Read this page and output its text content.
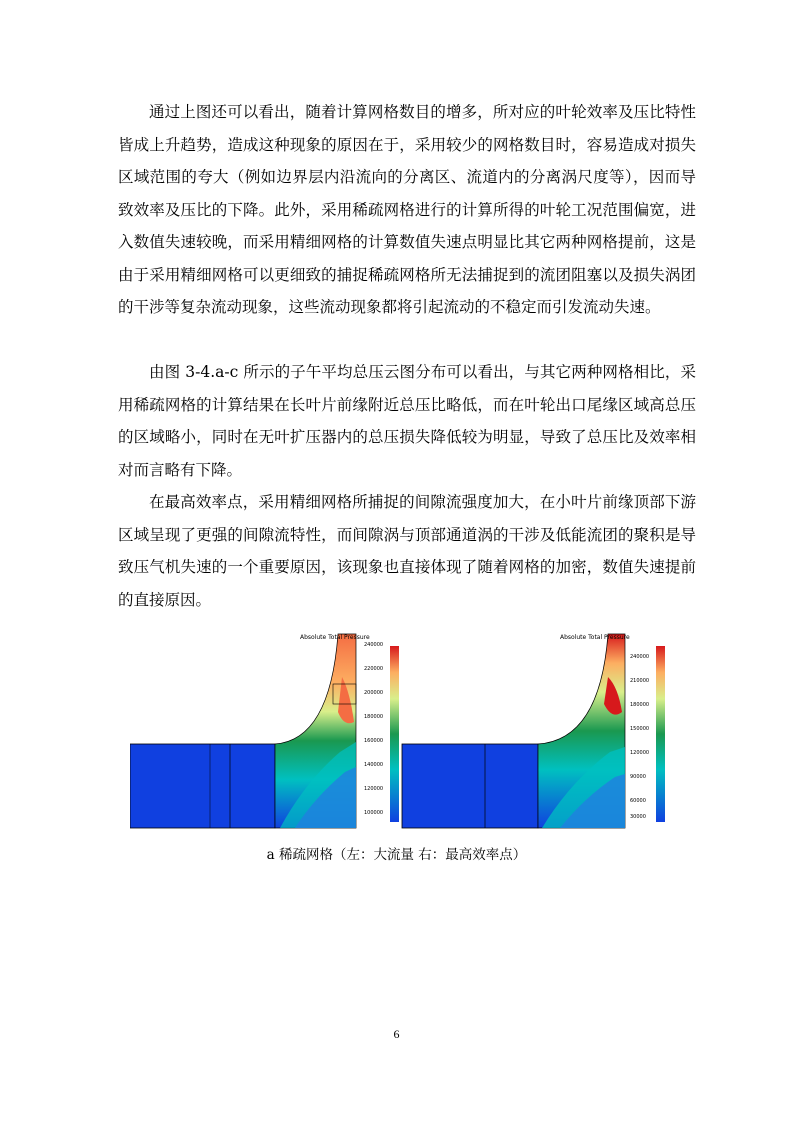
通过上图还可以看出，随着计算网格数目的增多，所对应的叶轮效率及压比特性皆成上升趋势，造成这种现象的原因在于，采用较少的网格数目时，容易造成对损失区域范围的夸大（例如边界层内沿流向的分离区、流道内的分离涡尺度等），因而导致效率及压比的下降。此外，采用稀疏网格进行的计算所得的叶轮工况范围偏宽，进入数值失速较晚，而采用精细网格的计算数值失速点明显比其它两种网格提前，这是由于采用精细网格可以更细致的捕捉稀疏网格所无法捕捉到的流团阻塞以及损失涡团的干涉等复杂流动现象，这些流动现象都将引起流动的不稳定而引发流动失速。

由图 3-4.a-c 所示的子午平均总压云图分布可以看出，与其它两种网格相比，采用稀疏网格的计算结果在长叶片前缘附近总压比略低，而在叶轮出口尾缘区域高总压的区域略小，同时在无叶扩压器内的总压损失降低较为明显，导致了总压比及效率相对而言略有下降。

在最高效率点，采用精细网格所捕捉的间隙流强度加大，在小叶片前缘顶部下游区域呈现了更强的间隙流特性，而间隙涡与顶部通道涡的干涉及低能流团的聚积是导致压气机失速的一个重要原因，该现象也直接体现了随着网格的加密，数值失速提前的直接原因。

Absolute Total Pressure
240000
220000
200000
180000
160000
140000
120000
100000
Absolute Total Pressure
240000
210000
180000
150000
120000
90000
60000
30000
a 稀疏网格（左：大流量 右：最高效率点）
6
